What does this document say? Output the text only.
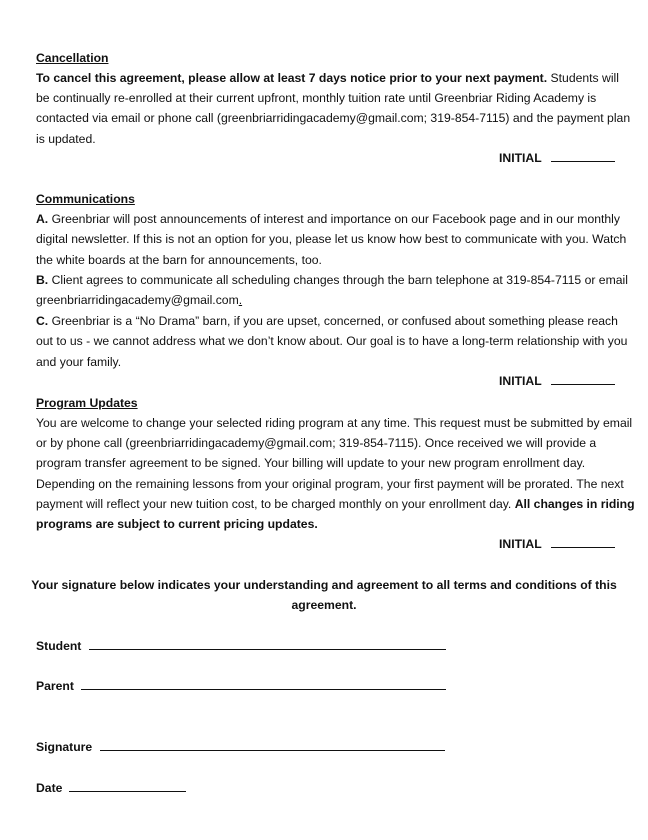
Cancellation
To cancel this agreement, please allow at least 7 days notice prior to your next payment. Students will
be continually re-enrolled at their current upfront, monthly tuition rate until Greenbriar Riding Academy is
contacted via email or phone call (greenbriarridingacademy@gmail.com; 319-854-7115) and the payment plan
is updated.
INITIAL
Communications
A. Greenbriar will post announcements of interest and importance on our Facebook page and in our monthly
digital newsletter. If this is not an option for you, please let us know how best to communicate with you. Watch
the white boards at the barn for announcements, too.
B. Client agrees to communicate all scheduling changes through the barn telephone at 319-854-7115 or email
greenbriarridingacademy@gmail.com.
C. Greenbriar is a “No Drama” barn, if you are upset, concerned, or confused about something please reach
out to us - we cannot address what we don’t know about. Our goal is to have a long-term relationship with you
and your family.
INITIAL
Program Updates
You are welcome to change your selected riding program at any time. This request must be submitted by email
or by phone call (greenbriarridingacademy@gmail.com; 319-854-7115). Once received we will provide a
program transfer agreement to be signed. Your billing will update to your new program enrollment day.
Depending on the remaining lessons from your original program, your first payment will be prorated. The next
payment will reflect your new tuition cost, to be charged monthly on your enrollment day. All changes in riding
programs are subject to current pricing updates.
INITIAL
Your signature below indicates your understanding and agreement to all terms and conditions of this
agreement.
Student
Parent
Signature
Date
